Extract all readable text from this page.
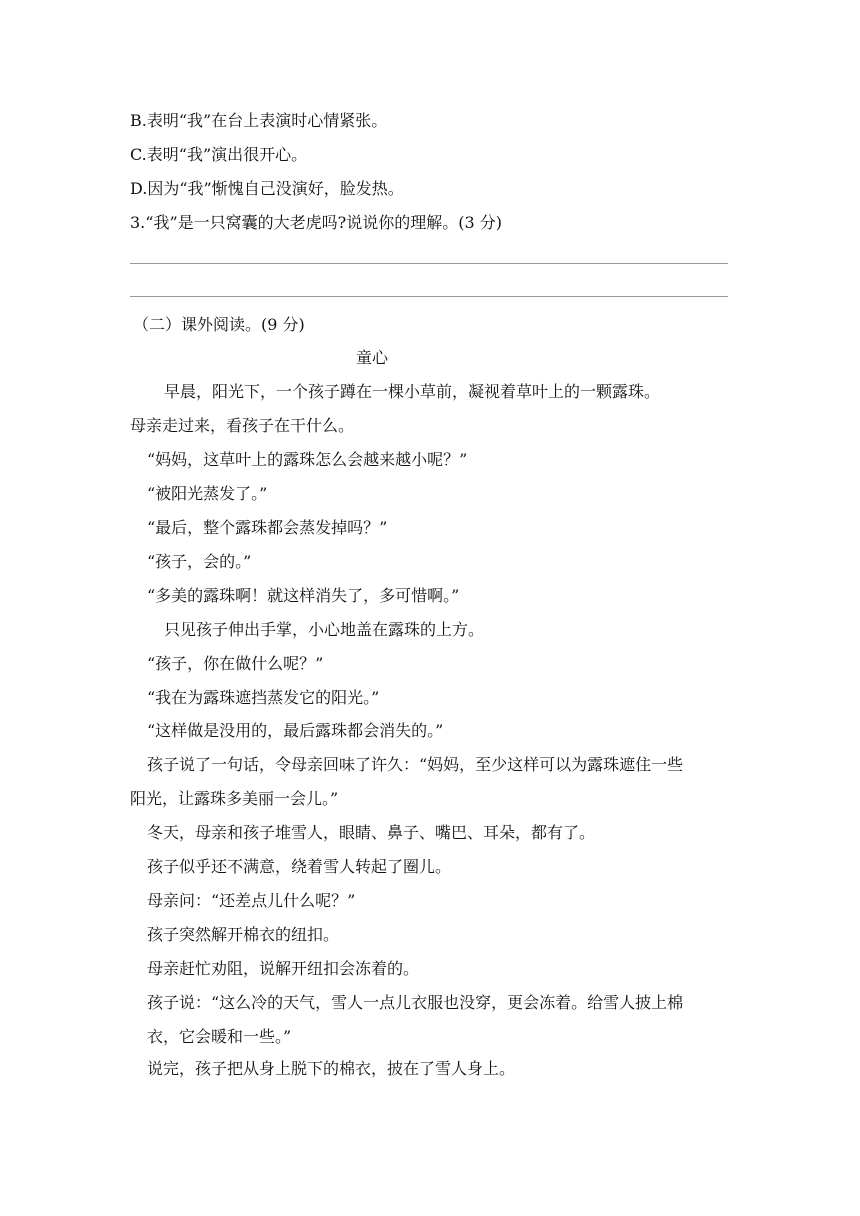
B.表明“我”在台上表演时心情紧张。
C.表明“我”演出很开心。
D.因为“我”惭愧自己没演好，脸发热。
3.“我”是一只窝囊的大老虎吗?说说你的理解。(3 分)
（二）课外阅读。(9 分)
童心
早晨，阳光下，一个孩子蹲在一棵小草前，凝视着草叶上的一颗露珠。
母亲走过来，看孩子在干什么。
“妈妈，这草叶上的露珠怎么会越来越小呢？”
“被阳光蒸发了。”
“最后，整个露珠都会蒸发掉吗？”
“孩子，会的。”
“多美的露珠啊！就这样消失了，多可惜啊。”
只见孩子伸出手掌，小心地盖在露珠的上方。
“孩子，你在做什么呢？”
“我在为露珠遮挡蒸发它的阳光。”
“这样做是没用的，最后露珠都会消失的。”
孩子说了一句话，令母亲回味了许久：“妈妈，至少这样可以为露珠遮住一些
阳光，让露珠多美丽一会儿。”
冬天，母亲和孩子堆雪人，眼睛、鼻子、嘴巴、耳朵，都有了。
孩子似乎还不满意，绕着雪人转起了圈儿。
母亲问：“还差点儿什么呢？”
孩子突然解开棉衣的纽扣。
母亲赶忙劝阻，说解开纽扣会冻着的。
孩子说：“这么冷的天气，雪人一点儿衣服也没穿，更会冻着。给雪人披上棉
衣，它会暖和一些。”
说完，孩子把从身上脱下的棉衣，披在了雪人身上。
